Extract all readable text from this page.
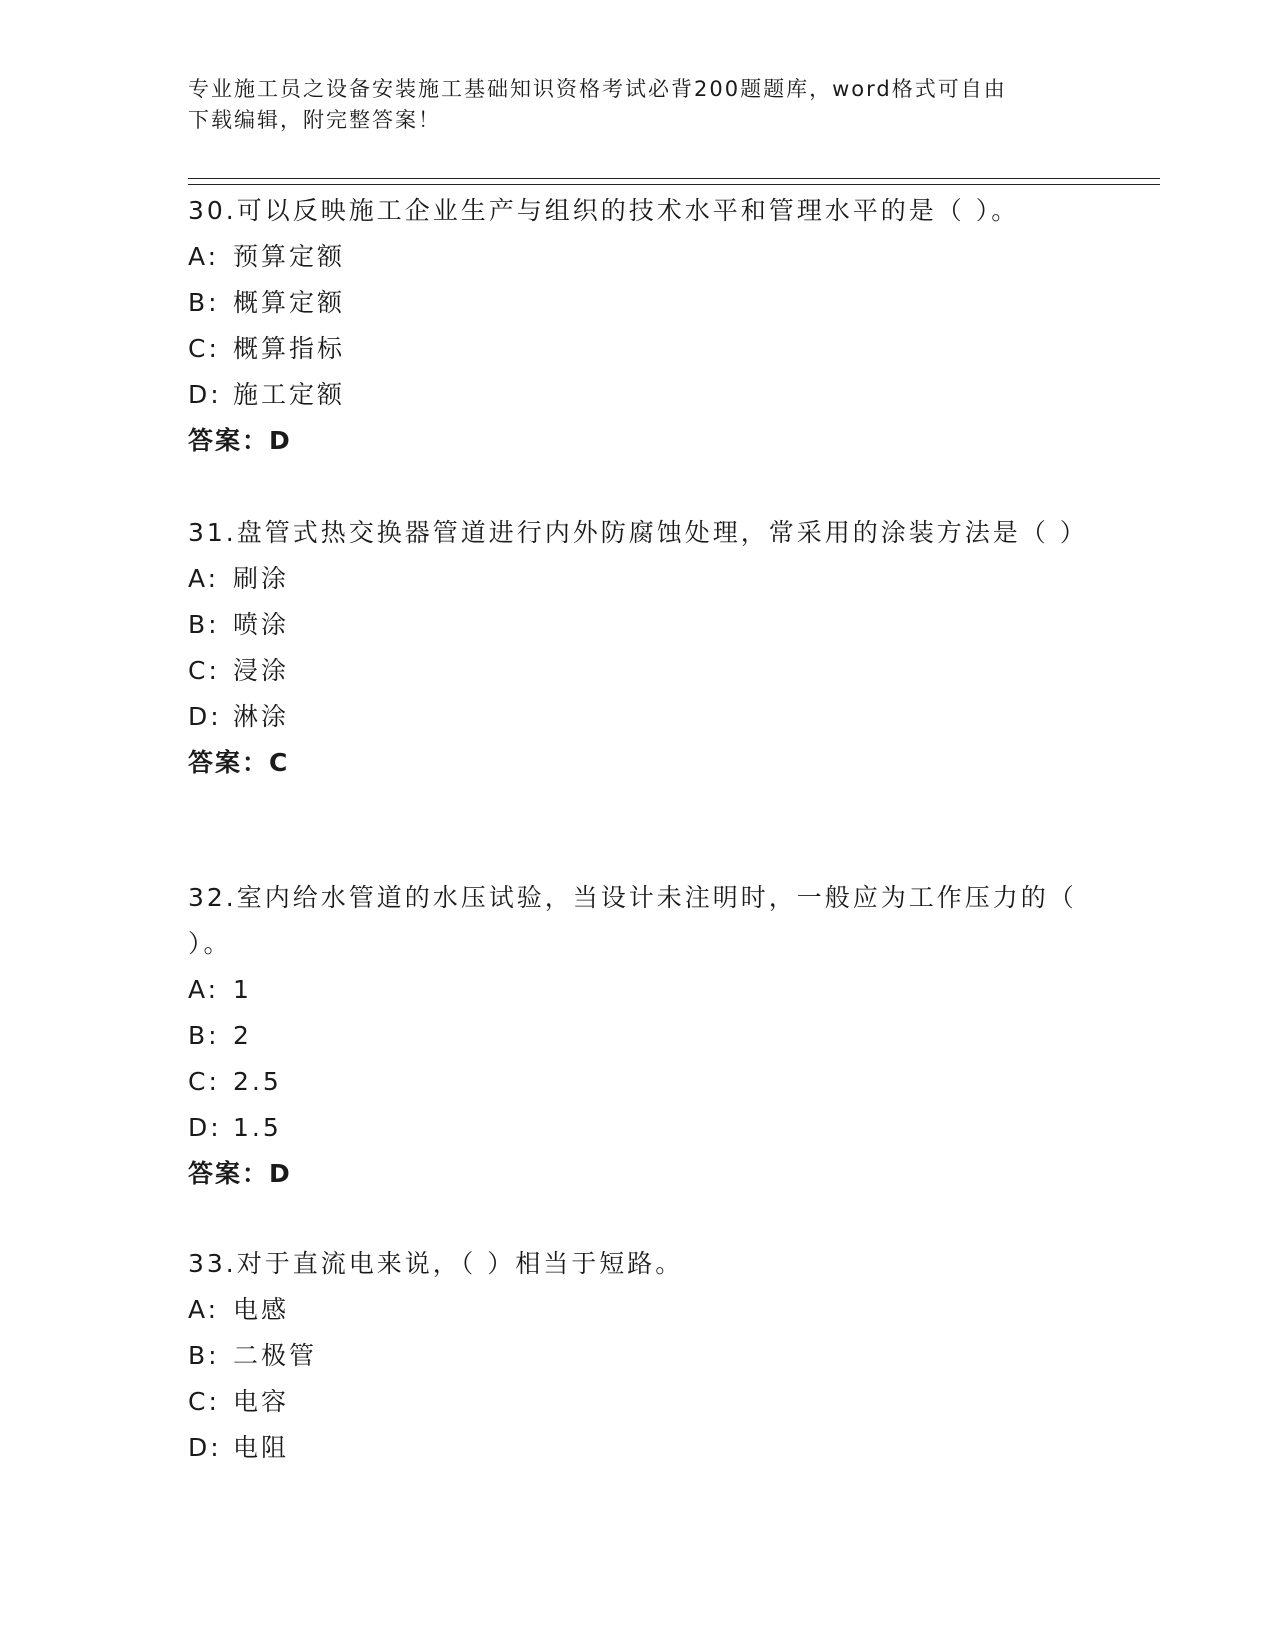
专业施工员之设备安装施工基础知识资格考试必背200题题库，word格式可自由
下载编辑，附完整答案！
30.可以反映施工企业生产与组织的技术水平和管理水平的是（ ）。
A: 预算定额
B: 概算定额
C: 概算指标
D: 施工定额
答案：D
31.盘管式热交换器管道进行内外防腐蚀处理，常采用的涂装方法是（ ）
A: 刷涂
B: 喷涂
C: 浸涂
D: 淋涂
答案：C
32.室内给水管道的水压试验，当设计未注明时，一般应为工作压力的（ ）。
A: 1
B: 2
C: 2.5
D: 1.5
答案：D
33.对于直流电来说，（ ）相当于短路。
A: 电感
B: 二极管
C: 电容
D: 电阻
